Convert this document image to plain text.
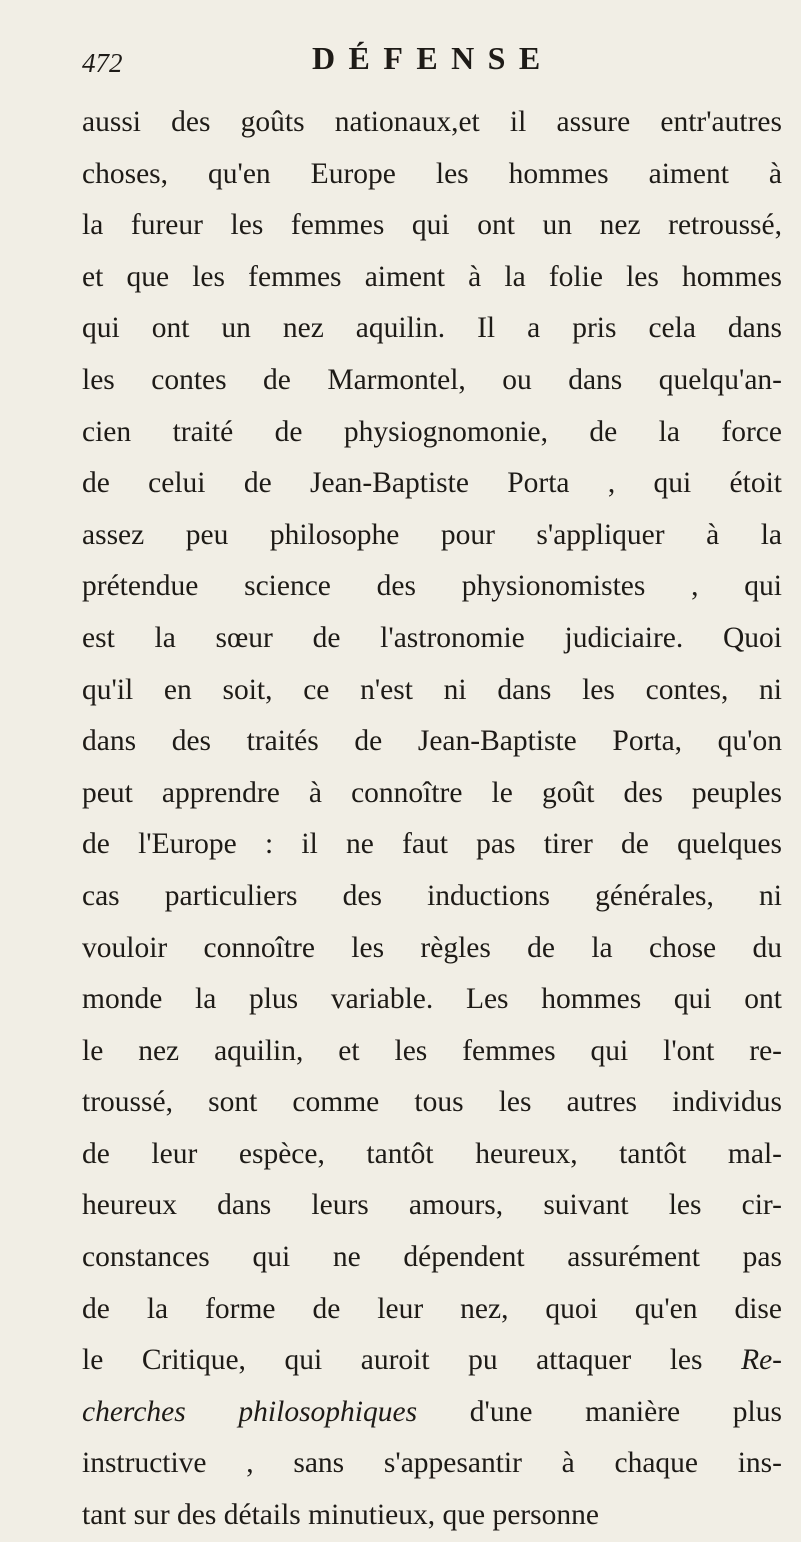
472	DÉFENSE
aussi des goûts nationaux,et il assure entr'autres
choses, qu'en Europe les hommes aiment à
la fureur les femmes qui ont un nez retroussé,
et que les femmes aiment à la folie les hommes
qui ont un nez aquilin. Il a pris cela dans
les contes de Marmontel, ou dans quelqu'an-
cien traité de physiognomonie, de la force
de celui de Jean-Baptiste Porta , qui étoit
assez peu philosophe pour s'appliquer à la
prétendue science des physionomistes , qui
est la sœur de l'astronomie judiciaire. Quoi
qu'il en soit, ce n'est ni dans les contes, ni
dans des traités de Jean-Baptiste Porta, qu'on
peut apprendre à connoître le goût des peuples
de l'Europe : il ne faut pas tirer de quelques
cas particuliers des inductions générales, ni
vouloir connoître les règles de la chose du
monde la plus variable. Les hommes qui ont
le nez aquilin, et les femmes qui l'ont re-
troussé, sont comme tous les autres individus
de leur espèce, tantôt heureux, tantôt mal-
heureux dans leurs amours, suivant les cir-
constances qui ne dépendent assurément pas
de la forme de leur nez, quoi qu'en dise
le Critique, qui auroit pu attaquer les Re-
cherches philosophiques d'une manière plus
instructive , sans s'appesantir à chaque ins-
tant sur des détails minutieux, que personne
